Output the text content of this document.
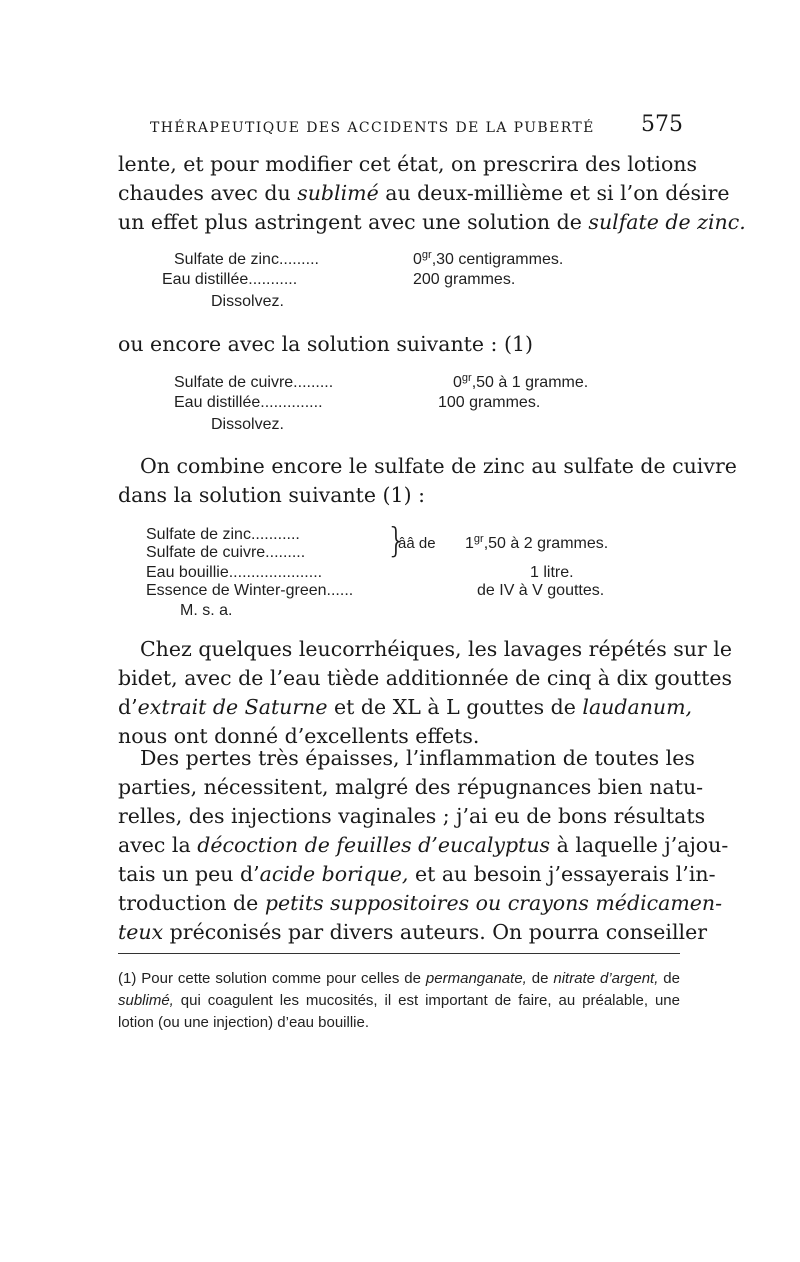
THÉRAPEUTIQUE DES ACCIDENTS DE LA PUBERTÉ 575
lente, et pour modifier cet état, on prescrira des lotions
chaudes avec du sublimé au deux-millième et si l’on désire
un effet plus astringent avec une solution de sulfate de zinc.
Sulfate de zinc.........	$0^{gr},30$ centigrammes.
Eau distillée...........	200 grammes.
Dissolvez.
ou encore avec la solution suivante : (1)
Sulfate de cuivre.........	$0^{gr},50$ à 1 gramme.
Eau distillée..............	100 grammes.
Dissolvez.
On combine encore le sulfate de zinc au sulfate de cuivre
dans la solution suivante (1) :
Sulfate de zinc...........
Sulfate de cuivre......... }
ââ de $1^{gr},50$ à 2 grammes.
Eau bouillie.....................	1 litre.
Essence de Winter-green......	de IV à V gouttes.
M. s. a.
Chez quelques leucorrhéiques, les lavages répétés sur le
bidet, avec de l’eau tiède additionnée de cinq à dix gouttes
d’extrait de Saturne et de XL à L gouttes de laudanum,
nous ont donné d’excellents effets.
Des pertes très épaisses, l’inflammation de toutes les
parties, nécessitent, malgré des répugnances bien natu-
relles, des injections vaginales ; j’ai eu de bons résultats
avec la décoction de feuilles d’eucalyptus à laquelle j’ajou-
tais un peu d’acide borique, et au besoin j’essayerais l’in-
troduction de petits suppositoires ou crayons médicamen-
teux préconisés par divers auteurs. On pourra conseiller
(1) Pour cette solution comme pour celles de permanganate, de nitrate d’argent, de sublimé, qui coagulent les mucosités, il est important de faire, au préalable, une lotion (ou une injection) d’eau bouillie.
